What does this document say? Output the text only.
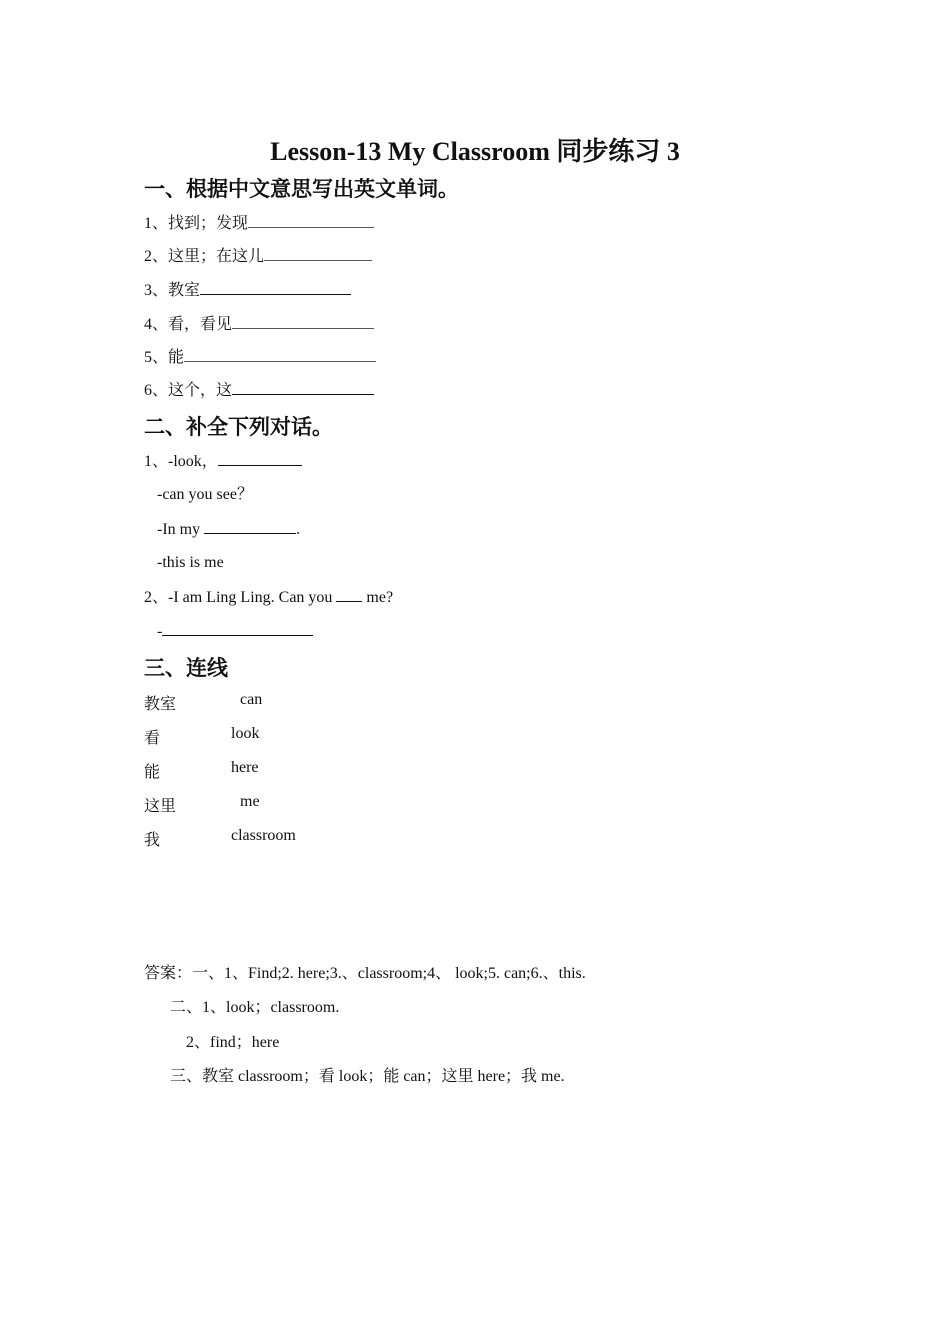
Lesson-13 My Classroom 同步练习 3
一、根据中文意思写出英文单词。
1、找到；发现
2、这里；在这儿
3、教室
4、看，看见
5、能
6、这个，这
二、补全下列对话。
1、-look，
-can you see？
-In my	.
-this is me
2、-I am Ling Ling. Can you  me?
-
三、连线
教室	can
看	look
能	here
这里	me
我	classroom
答案：一、1、Find;2. here;3.、classroom;4、 look;5. can;6.、this.
二、1、look；classroom.
2、find；here
三、教室 classroom；看 look；能 can；这里 here；我 me.
